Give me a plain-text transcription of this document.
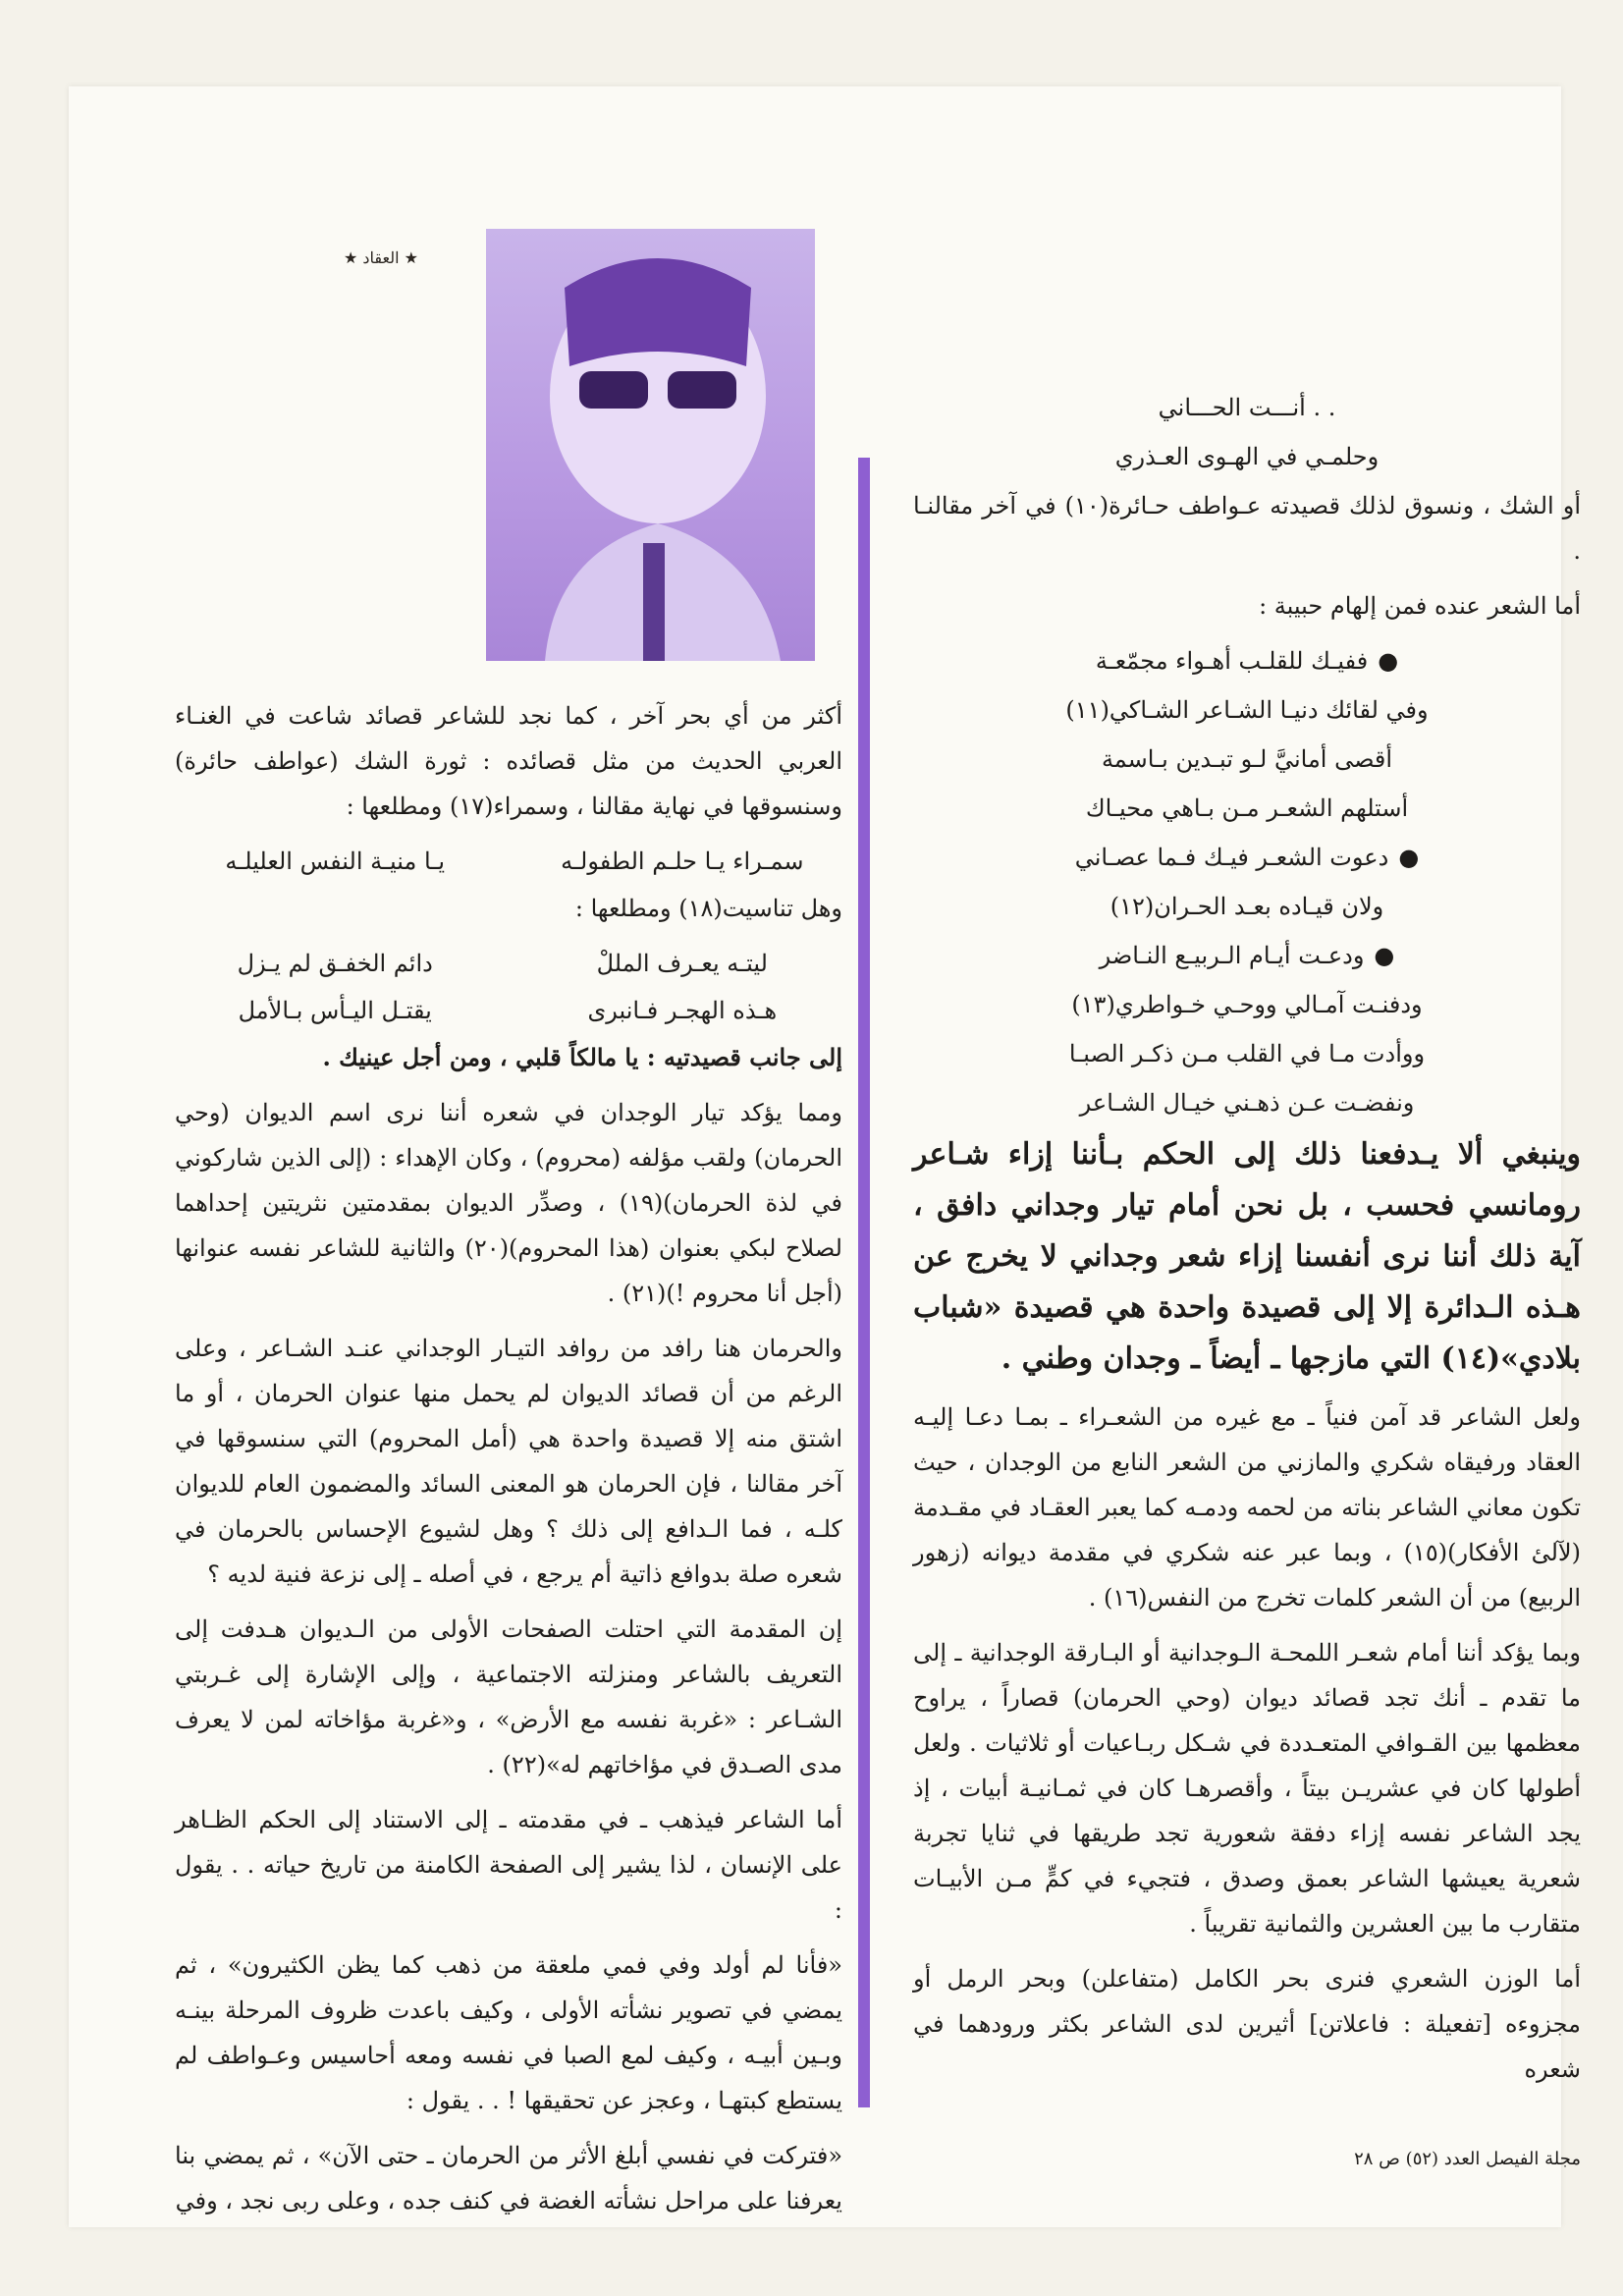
★ العقاد ★
. . أنـــت الحـــاني
وحلمـي في الهـوى العـذري

أو الشك ، ونسوق لذلك قصيدته عـواطف حـائرة(١٠) في آخر مقالنـا .

أما الشعر عنده فمن إلهام حبيبة :

● ففيـك للقلـب أهـواء مجمّعـة
وفي لقائك دنيـا الشـاعر الشـاكي(١١)
أقصى أمانيَّ لـو تبـدين بـاسمة
أستلهم الشعـر مـن بـاهي محيـاك
● دعوت الشعـر فيـك فـما عصـاني
ولان قيـاده بعـد الحـران(١٢)
● ودعـت أيـام الـربيـع النـاضر
ودفنـت آمـالي ووحـي خـواطري(١٣)
ووأدت مـا في القلب مـن ذكـر الصبـا
ونفضـت عـن ذهـني خيـال الشـاعر

وينبغي ألا يـدفعنا ذلك إلى الحكم بـأننا إزاء شـاعر رومانسي فحسب ، بل نحن أمام تيار وجداني دافق ، آية ذلك أننا نرى أنفسنا إزاء شعر وجداني لا يخرج عن هـذه الـدائرة إلا إلى قصيدة واحدة هي قصيدة «شباب بلادي»(١٤) التي مازجها ـ أيضاً ـ وجدان وطني .

ولعل الشاعر قد آمن فنياً ـ مع غيره من الشعـراء ـ بمـا دعـا إليـه العقاد ورفيقاه شكري والمازني من الشعر النابع من الوجدان ، حيث تكون معاني الشاعر بناته من لحمه ودمـه كما يعبر العقـاد في مقـدمة (لآلئ الأفكار)(١٥) ، وبما عبر عنه شكري في مقدمة ديوانه (زهور الربيع) من أن الشعر كلمات تخرج من النفس(١٦) .

وبما يؤكد أننا أمام شعـر اللمحـة الـوجدانية أو البـارقة الوجدانية ـ إلى ما تقدم ـ أنك تجد قصائد ديوان (وحي الحرمان) قصاراً ، يراوح معظمها بين القـوافي المتعـددة في شـكل ربـاعيات أو ثلاثيات . ولعل أطولها كان في عشريـن بيتاً ، وأقصرهـا كان في ثمـانيـة أبيات ، إذ يجد الشاعر نفسه إزاء دفقة شعورية تجد طريقها في ثنايا تجربة شعرية يعيشها الشاعر بعمق وصدق ، فتجيء في كمٍّ مـن الأبيـات متقارب ما بين العشرين والثمانية تقريباً .

أما الوزن الشعري فنرى بحر الكامل (متفاعلن) وبحر الرمل أو مجزوءه [تفعيلة : فاعلاتن] أثيرين لدى الشاعر بكثر ورودهما في شعره

أكثر من أي بحر آخر ، كما نجد للشاعر قصائد شاعت في الغنـاء العربي الحديث من مثل قصائده : ثورة الشك (عواطف حائرة) وسنسوقها في نهاية مقالنا ، وسمراء(١٧) ومطلعها :

سمـراء يـا حلـم الطفولـه
يـا منيـة النفس العليلـه

وهل تناسيت(١٨) ومطلعها :

ليتـه يعـرف المللْ
دائم الخفـق لم يـزل
هـذه الهجـر فـانبرى
يقتـل اليـأس بـالأمل

إلى جانب قصيدتيه : يا مالكاً قلبي ، ومن أجل عينيك .

ومما يؤكد تيار الوجدان في شعره أننا نرى اسم الديوان (وحي الحرمان) ولقب مؤلفه (محروم) ، وكان الإهداء : (إلى الذين شاركوني في لذة الحرمان)(١٩) ، وصدِّر الديوان بمقدمتين نثريتين إحداهما لصلاح لبكي بعنوان (هذا المحروم)(٢٠) والثانية للشاعر نفسه عنوانها (أجل أنا محروم !)(٢١) .

والحرمان هنا رافد من روافد التيـار الوجداني عنـد الشـاعر ، وعلى الرغم من أن قصائد الديوان لم يحمل منها عنوان الحرمان ، أو ما اشتق منه إلا قصيدة واحدة هي (أمل المحروم) التي سنسوقها في آخر مقالنا ، فإن الحرمان هو المعنى السائد والمضمون العام للديوان كلـه ، فما الـدافع إلى ذلك ؟ وهل لشيوع الإحساس بالحرمان في شعره صلة بدوافع ذاتية أم يرجع ، في أصله ـ إلى نزعة فنية لديه ؟

إن المقدمة التي احتلت الصفحات الأولى من الـديوان هـدفت إلى التعريف بالشاعر ومنزلته الاجتماعية ، وإلى الإشارة إلى غـربتي الشـاعر : «غربة نفسه مع الأرض» ، و«غربة مؤاخاته لمن لا يعرف مدى الصـدق في مؤاخاتهم له»(٢٢) .

أما الشاعر فيذهب ـ في مقدمته ـ إلى الاستناد إلى الحكم الظـاهر على الإنسان ، لذا يشير إلى الصفحة الكامنة من تاريخ حياته . . يقول :

«فأنا لم أولد وفي فمي ملعقة من ذهب كما يظن الكثيرون» ، ثم يمضي في تصوير نشأته الأولى ، وكيف باعدت ظروف المرحلة بينـه وبـين أبيـه ، وكيف لمع الصبا في نفسه ومعه أحاسيس وعـواطف لم يستطع كبتهـا ، وعجز عن تحقيقها ! . . يقول :

«فتركت في نفسي أبلغ الأثر من الحرمان ـ حتى الآن» ، ثم يمضي بنا يعرفنا على مراحل نشأته الغضة في كنف جده ، وعلى ربى نجد ، وفي

مجلة الفيصل العدد (٥٢) ص ٢٨
